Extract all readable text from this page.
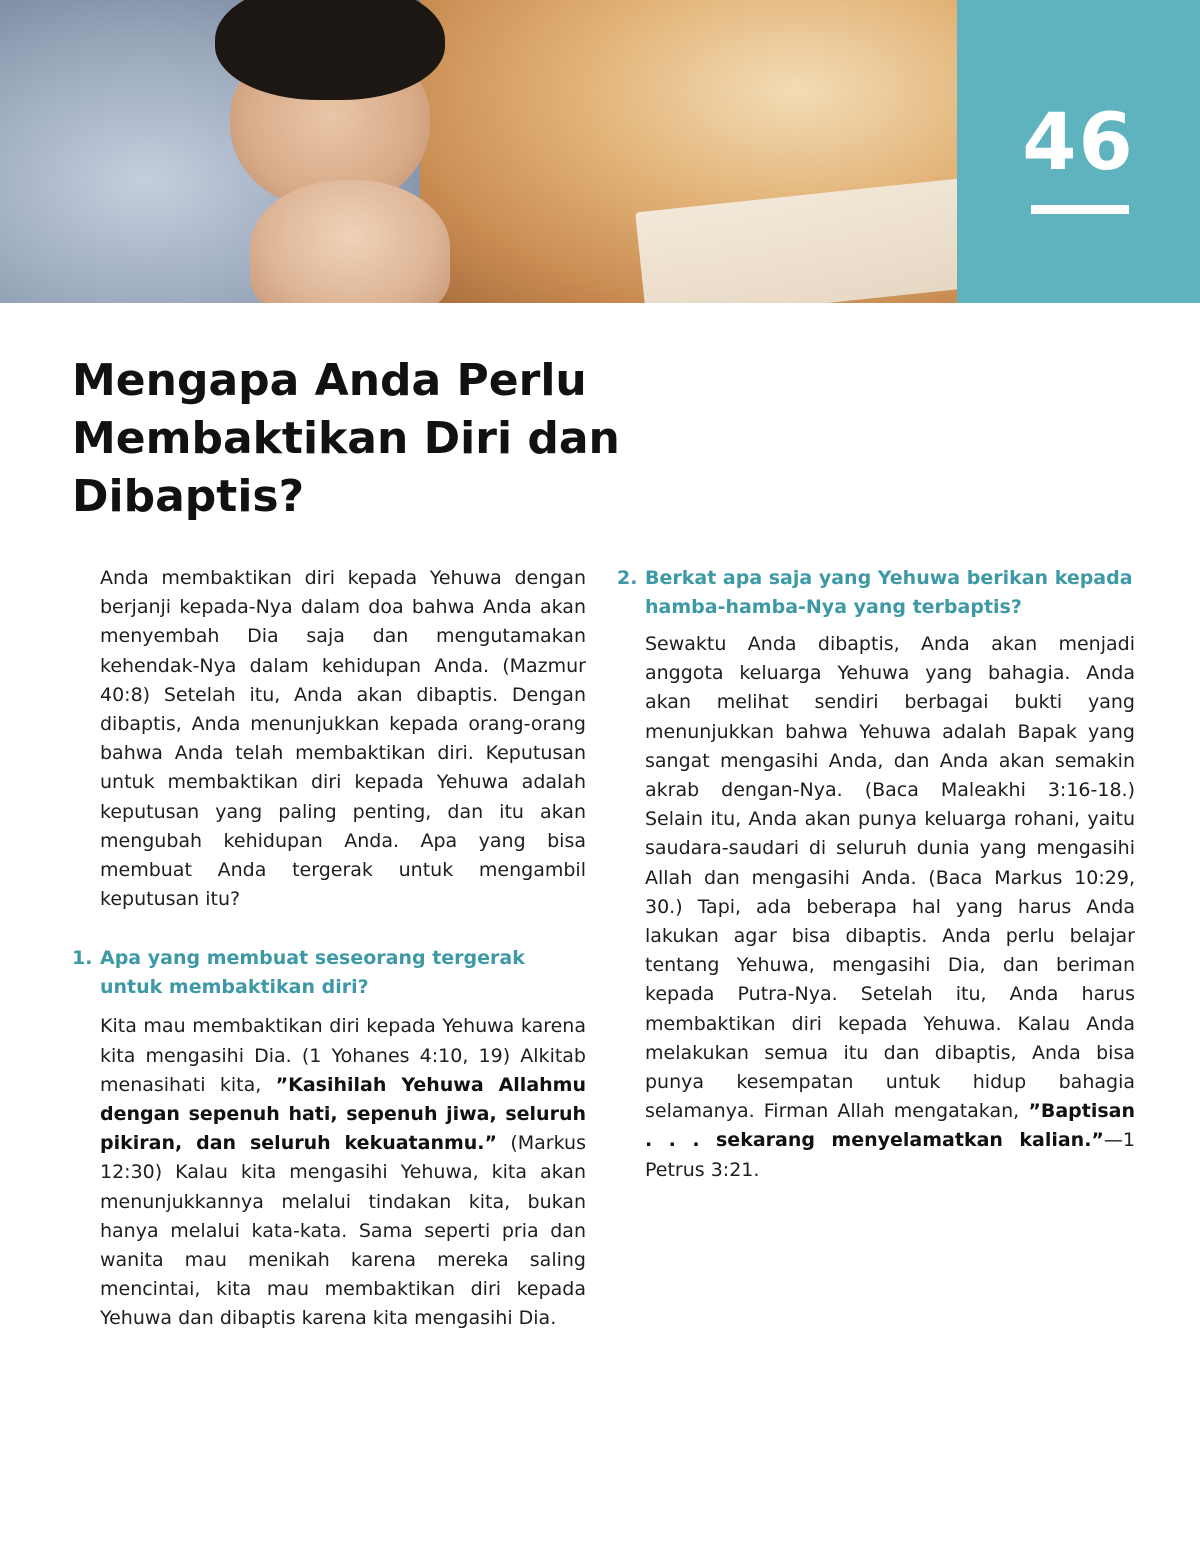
46
Mengapa Anda Perlu Membaktikan Diri dan Dibaptis?

Anda membaktikan diri kepada Yehuwa dengan berjanji kepada-Nya dalam doa bahwa Anda akan menyembah Dia saja dan mengutamakan kehendak-Nya dalam kehidupan Anda. (Mazmur 40:8) Setelah itu, Anda akan dibaptis. Dengan dibaptis, Anda menunjukkan kepada orang-orang bahwa Anda telah membaktikan diri. Keputusan untuk membaktikan diri kepada Yehuwa adalah keputusan yang paling penting, dan itu akan mengubah kehidupan Anda. Apa yang bisa membuat Anda tergerak untuk mengambil keputusan itu?

1. Apa yang membuat seseorang tergerak untuk membaktikan diri?

Kita mau membaktikan diri kepada Yehuwa karena kita mengasihi Dia. (1 Yohanes 4:10, 19) Alkitab menasihati kita, ”Kasihilah Yehuwa Allahmu dengan sepenuh hati, sepenuh jiwa, seluruh pikiran, dan seluruh kekuatanmu.” (Markus 12:30) Kalau kita mengasihi Yehuwa, kita akan menunjukkannya melalui tindakan kita, bukan hanya melalui kata-kata. Sama seperti pria dan wanita mau menikah karena mereka saling mencintai, kita mau membaktikan diri kepada Yehuwa dan dibaptis karena kita mengasihi Dia.

2. Berkat apa saja yang Yehuwa berikan kepada hamba-hamba-Nya yang terbaptis?

Sewaktu Anda dibaptis, Anda akan menjadi anggota keluarga Yehuwa yang bahagia. Anda akan melihat sendiri berbagai bukti yang menunjukkan bahwa Yehuwa adalah Bapak yang sangat mengasihi Anda, dan Anda akan semakin akrab dengan-Nya. (Baca Maleakhi 3:16-18.) Selain itu, Anda akan punya keluarga rohani, yaitu saudara-saudari di seluruh dunia yang mengasihi Allah dan mengasihi Anda. (Baca Markus 10:29, 30.) Tapi, ada beberapa hal yang harus Anda lakukan agar bisa dibaptis. Anda perlu belajar tentang Yehuwa, mengasihi Dia, dan beriman kepada Putra-Nya. Setelah itu, Anda harus membaktikan diri kepada Yehuwa. Kalau Anda melakukan semua itu dan dibaptis, Anda bisa punya kesempatan untuk hidup bahagia selamanya. Firman Allah mengatakan, ”Baptisan . . . sekarang menyelamatkan kalian.”—1 Petrus 3:21.
